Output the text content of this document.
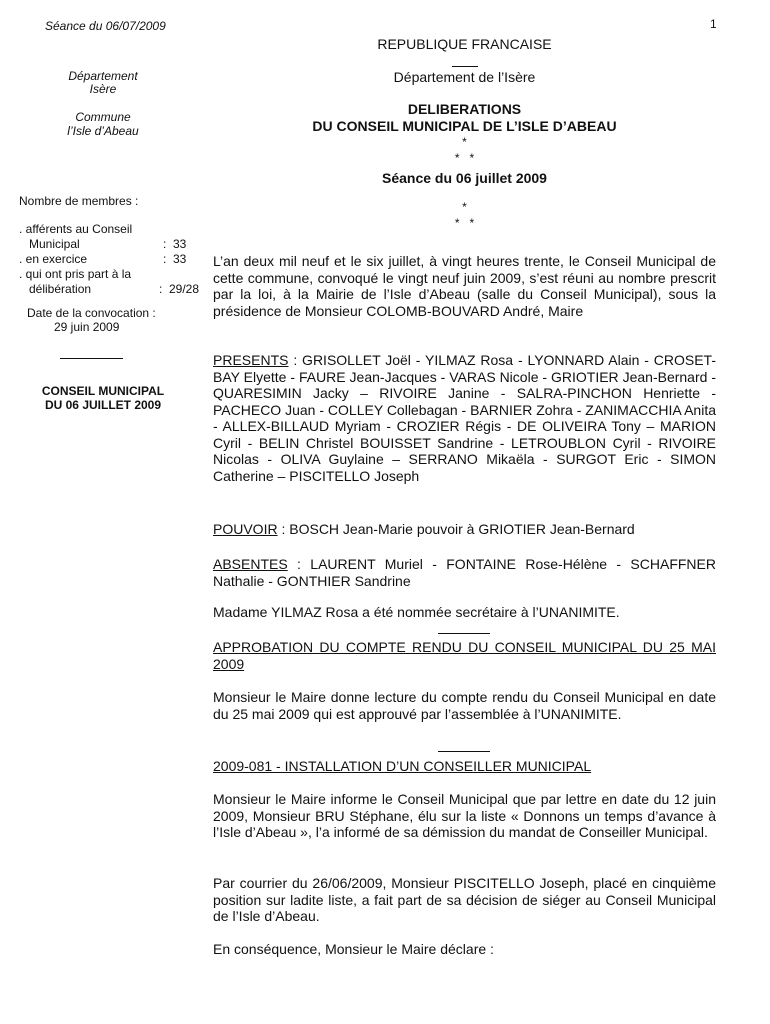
Séance du 06/07/2009	1
REPUBLIQUE FRANCAISE
Département de l’Isère
DELIBERATIONS
DU CONSEIL MUNICIPAL DE L’ISLE D’ABEAU
*
*   *
Séance du 06 juillet 2009
*
*   *
Département
Isère
Commune
l’Isle d’Abeau
Nombre de membres :
. afférents au Conseil
Municipal	:  33
. en exercice	:  33
. qui ont pris part à la
délibération	:  29/28
Date de la convocation :
29 juin 2009
CONSEIL MUNICIPAL
DU 06 JUILLET 2009
L’an deux mil neuf et le six juillet, à vingt heures trente, le Conseil Municipal de cette commune, convoqué le vingt neuf juin 2009, s’est réuni au nombre prescrit par la loi, à la Mairie de l’Isle d’Abeau (salle du Conseil Municipal), sous la présidence de Monsieur COLOMB-BOUVARD André, Maire
PRESENTS : GRISOLLET Joël - YILMAZ Rosa - LYONNARD Alain - CROSET-BAY Elyette - FAURE Jean-Jacques - VARAS Nicole - GRIOTIER Jean-Bernard - QUARESIMIN Jacky – RIVOIRE Janine - SALRA-PINCHON Henriette - PACHECO Juan - COLLEY Collebagan - BARNIER Zohra - ZANIMACCHIA Anita - ALLEX-BILLAUD Myriam - CROZIER Régis - DE OLIVEIRA Tony – MARION Cyril - BELIN Christel BOUISSET Sandrine - LETROUBLON Cyril - RIVOIRE Nicolas - OLIVA Guylaine – SERRANO Mikaëla - SURGOT Eric - SIMON Catherine – PISCITELLO Joseph
POUVOIR : BOSCH Jean-Marie pouvoir à GRIOTIER Jean-Bernard
ABSENTES : LAURENT Muriel - FONTAINE Rose-Hélène - SCHAFFNER Nathalie - GONTHIER Sandrine
Madame YILMAZ Rosa a été nommée secrétaire à l’UNANIMITE.
APPROBATION DU COMPTE RENDU DU CONSEIL MUNICIPAL DU 25 MAI 2009
Monsieur le Maire donne lecture du compte rendu du Conseil Municipal en date du 25 mai 2009 qui est approuvé par l’assemblée à l’UNANIMITE.
2009-081 - INSTALLATION D’UN CONSEILLER MUNICIPAL
Monsieur le Maire informe le Conseil Municipal que par lettre en date du 12 juin 2009, Monsieur BRU Stéphane, élu sur la liste « Donnons un temps d’avance à l’Isle d’Abeau », l’a informé de sa démission du mandat de Conseiller Municipal.
Par courrier du 26/06/2009, Monsieur PISCITELLO Joseph, placé en cinquième position sur ladite liste, a fait part de sa décision de siéger au Conseil Municipal de l’Isle d’Abeau.
En conséquence, Monsieur le Maire déclare :
